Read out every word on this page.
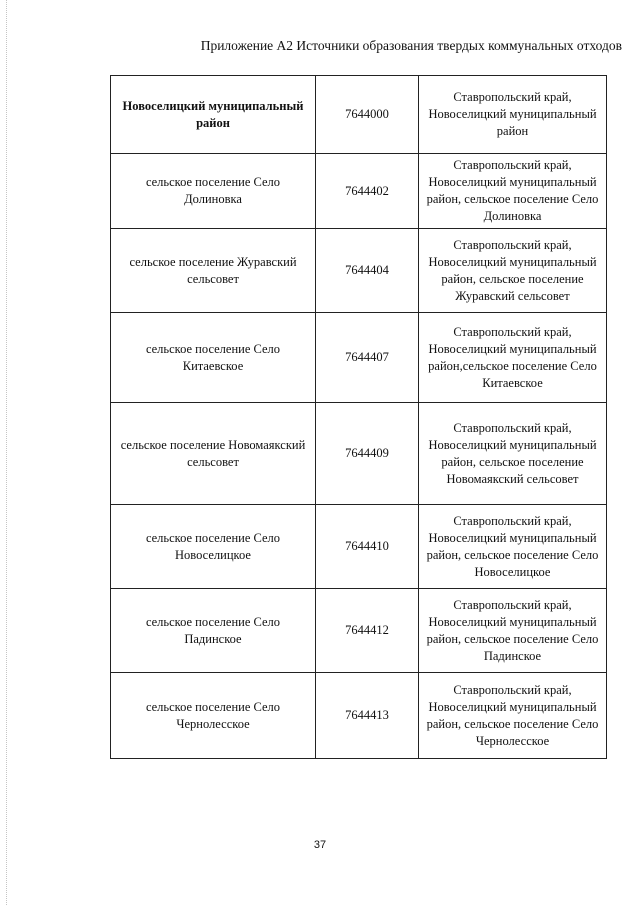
Приложение А2 Источники образования твердых коммунальных отходов
Новоселицкий муниципальный район	7644000	Ставропольский край, Новоселицкий муниципальный район
сельское поселение Село Долиновка	7644402	Ставропольский край, Новоселицкий муниципальный район, сельское поселение Село Долиновка
сельское поселение Журавский сельсовет	7644404	Ставропольский край, Новоселицкий муниципальный район, сельское поселение Журавский сельсовет
сельское поселение Село Китаевское	7644407	Ставропольский край, Новоселицкий муниципальный район,сельское поселение Село Китаевское
сельское поселение Новомаякский сельсовет	7644409	Ставропольский край, Новоселицкий муниципальный район, сельское поселение Новомаякский сельсовет
сельское поселение Село Новоселицкое	7644410	Ставропольский край, Новоселицкий муниципальный район, сельское поселение Село Новоселицкое
сельское поселение Село Падинское	7644412	Ставропольский край, Новоселицкий муниципальный район, сельское поселение Село Падинское
сельское поселение Село Чернолесское	7644413	Ставропольский край, Новоселицкий муниципальный район, сельское поселение Село Чернолесское
37
